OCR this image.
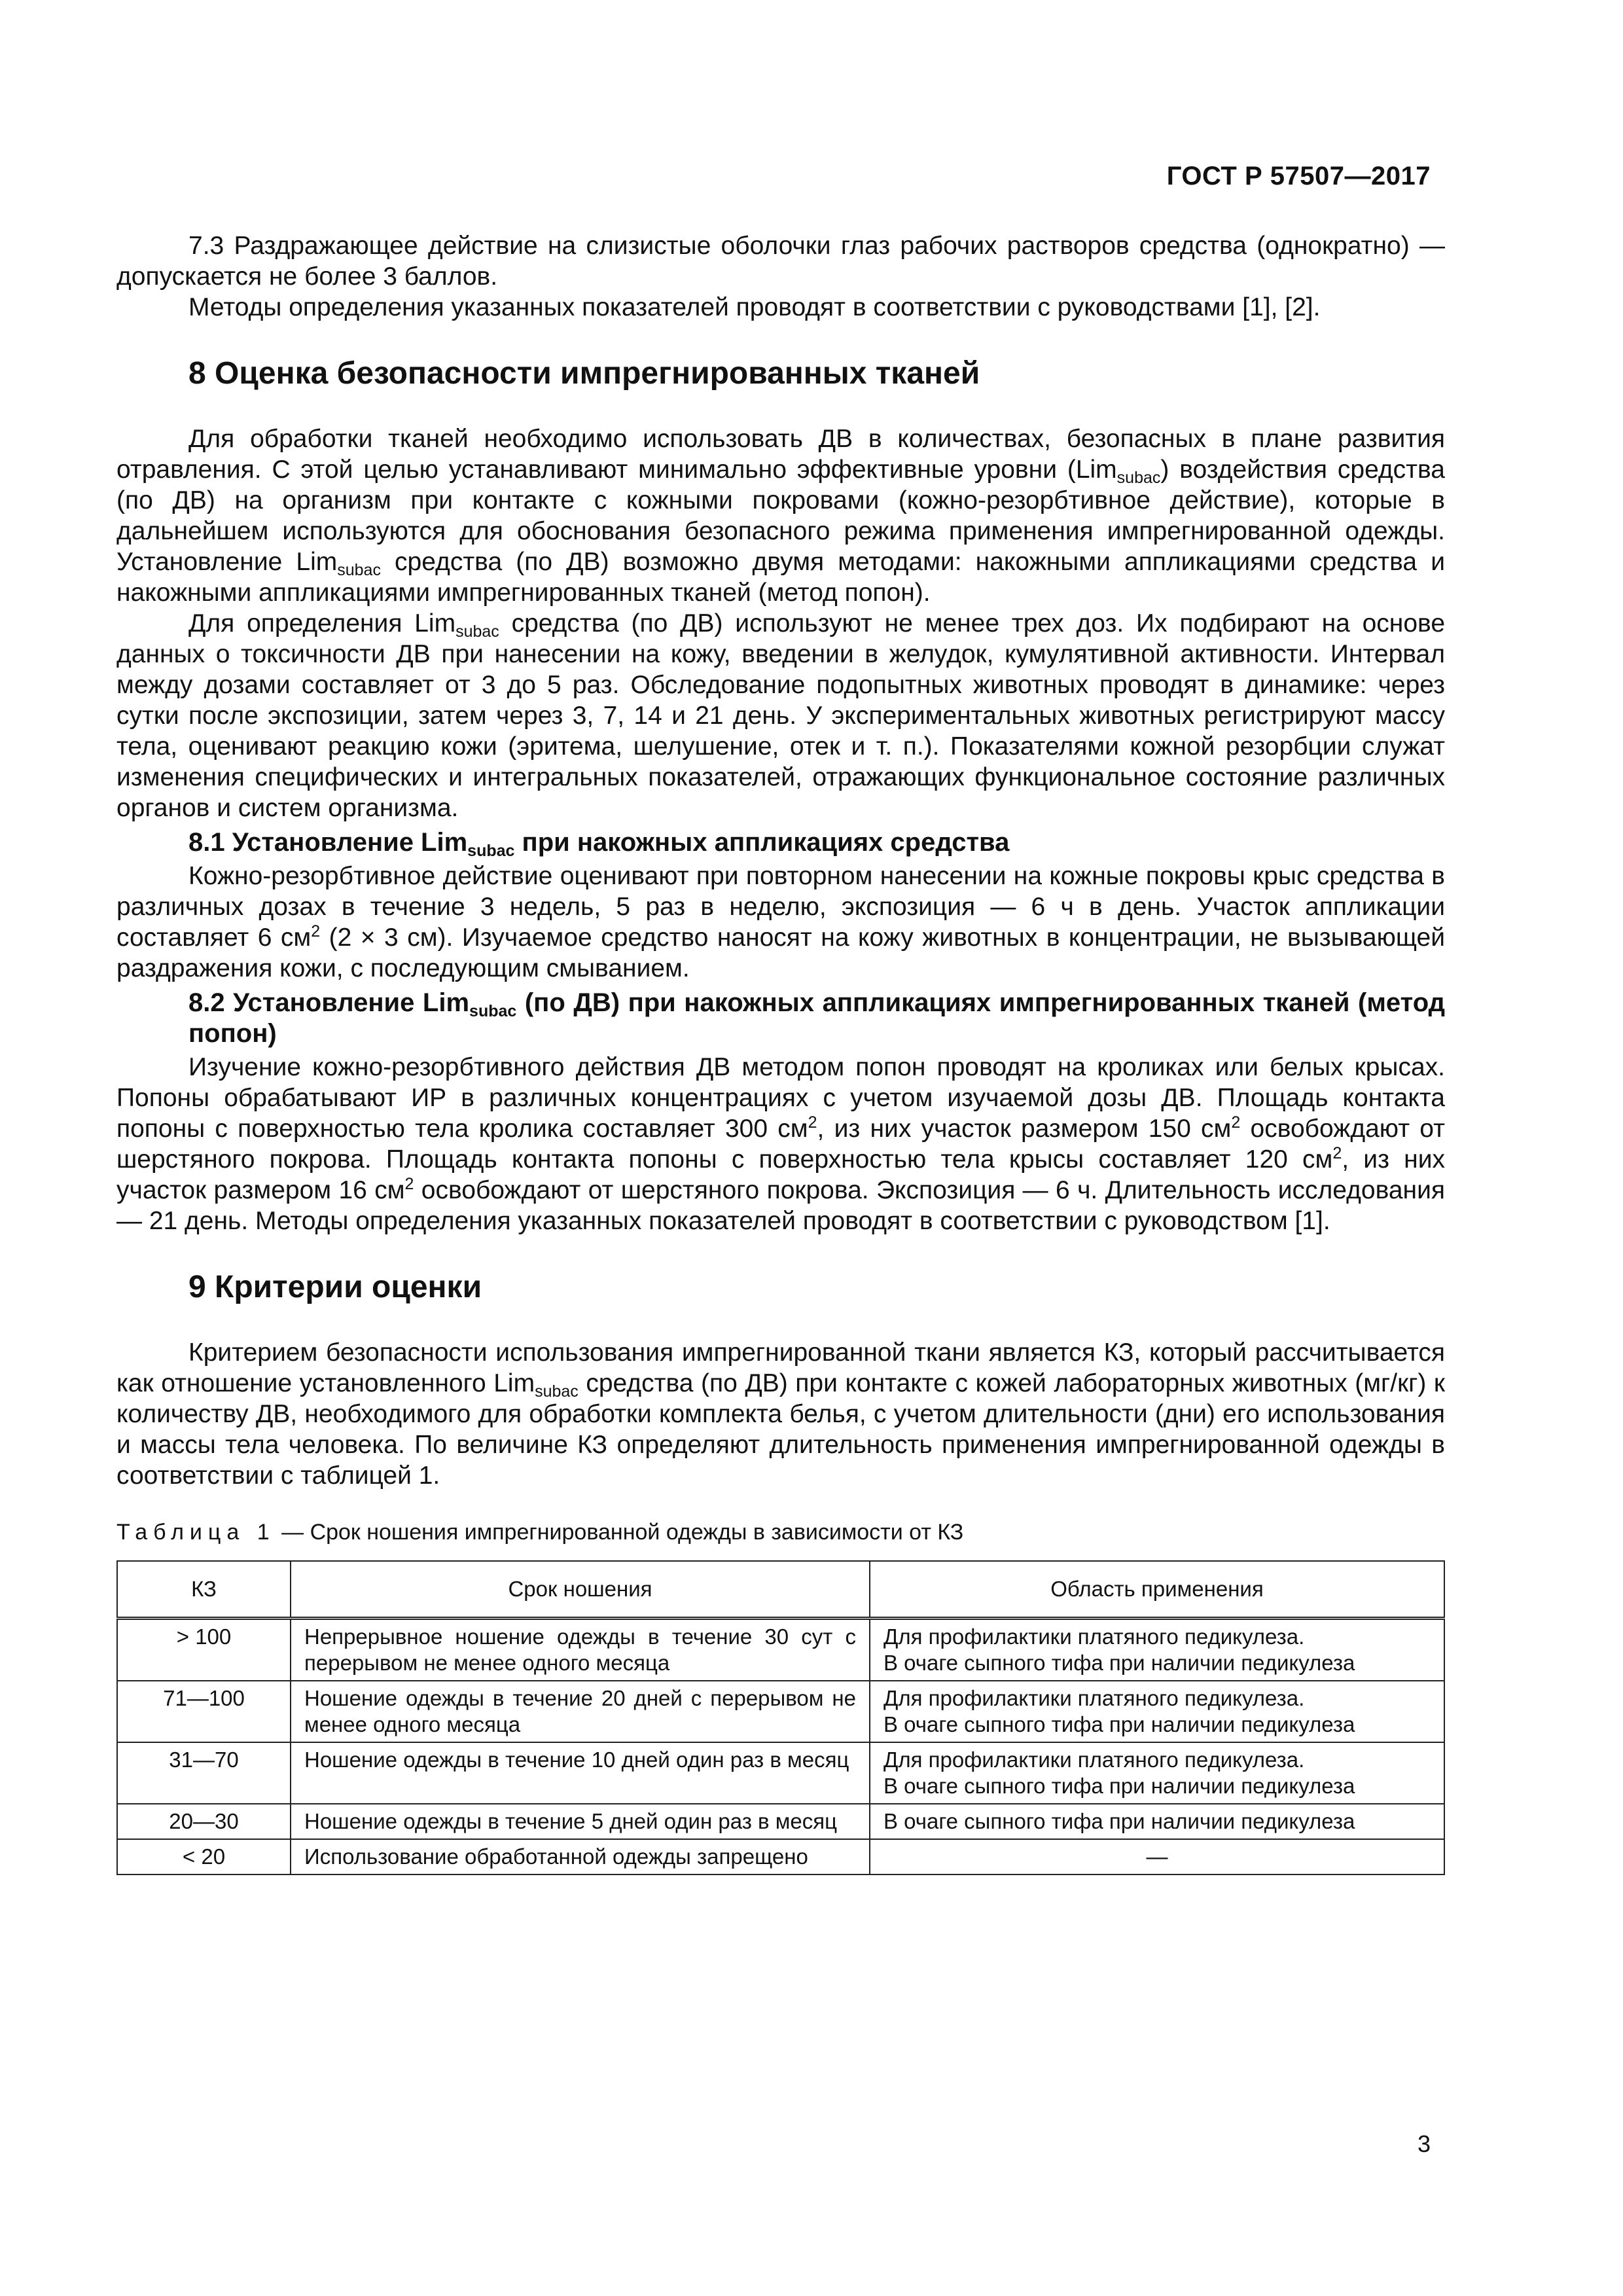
ГОСТ Р 57507—2017

7.3 Раздражающее действие на слизистые оболочки глаз рабочих растворов средства (однократно) — допускается не более 3 баллов.

Методы определения указанных показателей проводят в соответствии с руководствами [1], [2].

8 Оценка безопасности импрегнированных тканей

Для обработки тканей необходимо использовать ДВ в количествах, безопасных в плане развития отравления. С этой целью устанавливают минимально эффективные уровни (Lim$_{subac}$) воздействия средства (по ДВ) на организм при контакте с кожными покровами (кожно-резорбтивное действие), которые в дальнейшем используются для обоснования безопасного режима применения импрегнированной одежды. Установление Lim$_{subac}$ средства (по ДВ) возможно двумя методами: накожными аппликациями средства и накожными аппликациями импрегнированных тканей (метод попон).

Для определения Lim$_{subac}$ средства (по ДВ) используют не менее трех доз. Их подбирают на основе данных о токсичности ДВ при нанесении на кожу, введении в желудок, кумулятивной активности. Интервал между дозами составляет от 3 до 5 раз. Обследование подопытных животных проводят в динамике: через сутки после экспозиции, затем через 3, 7, 14 и 21 день. У экспериментальных животных регистрируют массу тела, оценивают реакцию кожи (эритема, шелушение, отек и т. п.). Показателями кожной резорбции служат изменения специфических и интегральных показателей, отражающих функциональное состояние различных органов и систем организма.

8.1 Установление Lim$_{subac}$ при накожных аппликациях средства

Кожно-резорбтивное действие оценивают при повторном нанесении на кожные покровы крыс средства в различных дозах в течение 3 недель, 5 раз в неделю, экспозиция — 6 ч в день. Участок аппликации составляет 6 $см^2$ (2 × 3 см). Изучаемое средство наносят на кожу животных в концентрации, не вызывающей раздражения кожи, с последующим смыванием.

8.2 Установление Lim$_{subac}$ (по ДВ) при накожных аппликациях импрегнированных тканей (метод попон)

Изучение кожно-резорбтивного действия ДВ методом попон проводят на кроликах или белых крысах. Попоны обрабатывают ИР в различных концентрациях с учетом изучаемой дозы ДВ. Площадь контакта попоны с поверхностью тела кролика составляет 300 $см^2$, из них участок размером 150 $см^2$ освобождают от шерстяного покрова. Площадь контакта попоны с поверхностью тела крысы составляет 120 $см^2$, из них участок размером 16 $см^2$ освобождают от шерстяного покрова. Экспозиция — 6 ч. Длительность исследования — 21 день. Методы определения указанных показателей проводят в соответствии с руководством [1].

9 Критерии оценки

Критерием безопасности использования импрегнированной ткани является КЗ, который рассчитывается как отношение установленного Lim$_{subac}$ средства (по ДВ) при контакте с кожей лабораторных животных (мг/кг) к количеству ДВ, необходимого для обработки комплекта белья, с учетом длительности (дни) его использования и массы тела человека. По величине КЗ определяют длительность применения импрегнированной одежды в соответствии с таблицей 1.

Таблица 1 — Срок ношения импрегнированной одежды в зависимости от КЗ
КЗ	Срок ношения	Область применения
> 100	Непрерывное ношение одежды в течение 30 сут с перерывом не менее одного месяца	Для профилактики платяного педикулеза.
В очаге сыпного тифа при наличии педикулеза

71—100	Ношение одежды в течение 20 дней с перерывом не менее одного месяца	Для профилактики платяного педикулеза.
В очаге сыпного тифа при наличии педикулеза

31—70	Ношение одежды в течение 10 дней один раз в месяц	Для профилактики платяного педикулеза.
В очаге сыпного тифа при наличии педикулеза

20—30	Ношение одежды в течение 5 дней один раз в месяц	В очаге сыпного тифа при наличии педикулеза

< 20	Использование обработанной одежды запрещено	—
3
